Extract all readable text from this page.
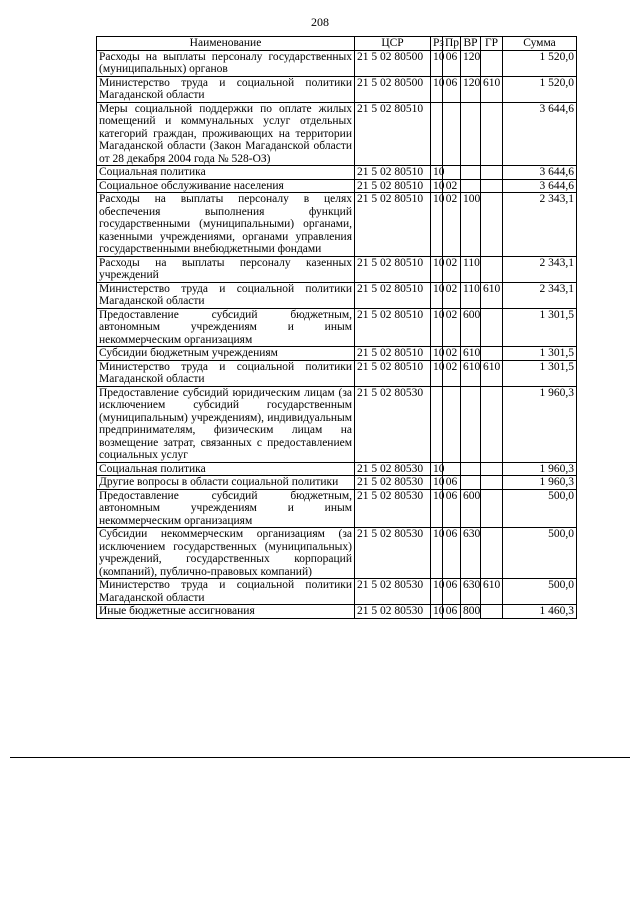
208
Наименование	ЦСР	Рз	Пр	ВР	ГР	Сумма
Расходы на выплаты персоналу государственных (муниципальных) органов	21 5 02 80500	10	06	120		1 520,0
Министерство труда и социальной политики Магаданской области	21 5 02 80500	10	06	120	610	1 520,0
Меры социальной поддержки по оплате жилых помещений и коммунальных услуг отдельных категорий граждан, проживающих на территории Магаданской области (Закон Магаданской области от 28 декабря 2004 года № 528-ОЗ)	21 5 02 80510					3 644,6
Социальная политика	21 5 02 80510	10				3 644,6
Социальное обслуживание населения	21 5 02 80510	10	02			3 644,6
Расходы на выплаты персоналу в целях обеспечения выполнения функций государственными (муниципальными) органами, казенными учреждениями, органами управления государственными внебюджетными фондами	21 5 02 80510	10	02	100		2 343,1
Расходы на выплаты персоналу казенных учреждений	21 5 02 80510	10	02	110		2 343,1
Министерство труда и социальной политики Магаданской области	21 5 02 80510	10	02	110	610	2 343,1
Предоставление субсидий бюджетным, автономным учреждениям и иным некоммерческим организациям	21 5 02 80510	10	02	600		1 301,5
Субсидии бюджетным учреждениям	21 5 02 80510	10	02	610		1 301,5
Министерство труда и социальной политики Магаданской области	21 5 02 80510	10	02	610	610	1 301,5
Предоставление субсидий юридическим лицам (за исключением субсидий государственным (муниципальным) учреждениям), индивидуальным предпринимателям, физическим лицам на возмещение затрат, связанных с предоставлением социальных услуг	21 5 02 80530					1 960,3
Социальная политика	21 5 02 80530	10				1 960,3
Другие вопросы в области социальной политики	21 5 02 80530	10	06			1 960,3
Предоставление субсидий бюджетным, автономным учреждениям и иным некоммерческим организациям	21 5 02 80530	10	06	600		500,0
Субсидии некоммерческим организациям (за исключением государственных (муниципальных) учреждений, государственных корпораций (компаний), публично-правовых компаний)	21 5 02 80530	10	06	630		500,0
Министерство труда и социальной политики Магаданской области	21 5 02 80530	10	06	630	610	500,0
Иные бюджетные ассигнования	21 5 02 80530	10	06	800		1 460,3
